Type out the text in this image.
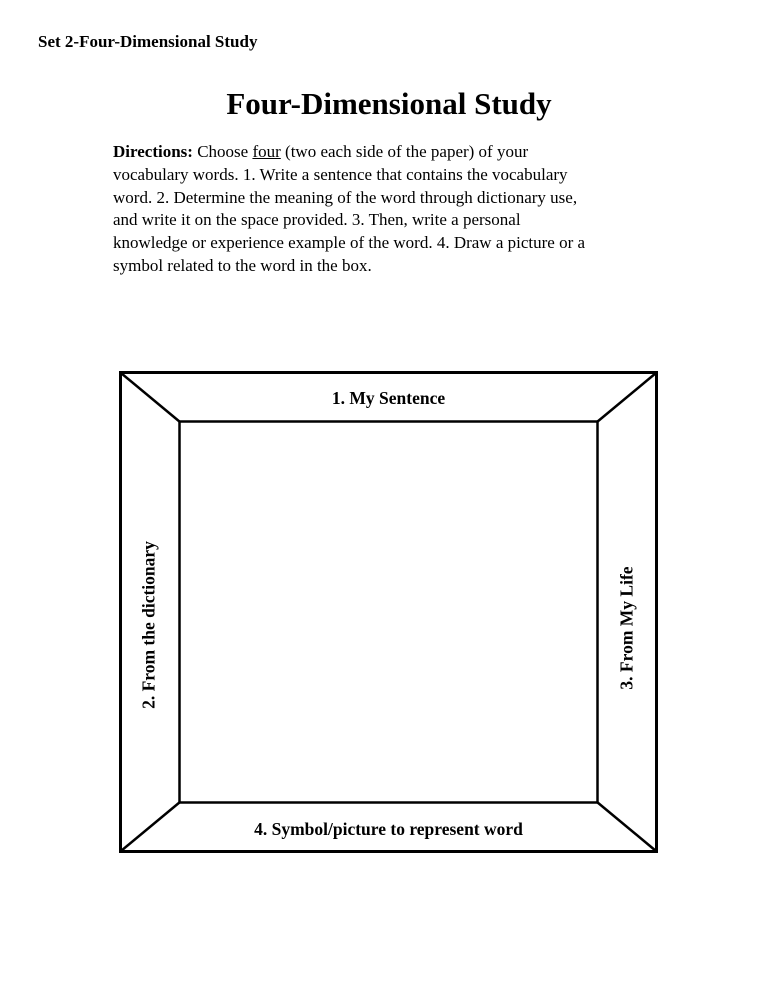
Set 2-Four-Dimensional Study
Four-Dimensional Study

Directions: Choose four (two each side of the paper) of your
vocabulary words. 1. Write a sentence that contains the vocabulary
word. 2. Determine the meaning of the word through dictionary use,
and write it on the space provided. 3. Then, write a personal
knowledge or experience example of the word. 4. Draw a picture or a
symbol related to the word in the box.

1. My Sentence
2. From the dictionary	3. From My Life
4. Symbol/picture to represent word
